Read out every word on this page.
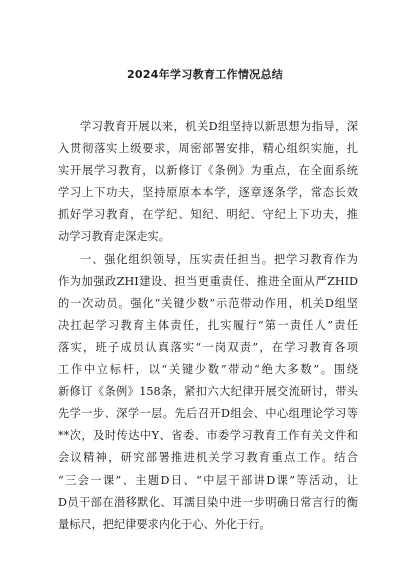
2024年学习教育工作情况总结
学习教育开展以来，机关D组坚持以新思想为指导，深
入贯彻落实上级要求，周密部署安排，精心组织实施，扎
实开展学习教育，以新修订《条例》为重点，在全面系统
学习上下功夫，坚持原原本本学，逐章逐条学，常态长效
抓好学习教育，在学纪、知纪、明纪、守纪上下功夫，推
动学习教育走深走实。
一、强化组织领导，压实责任担当。把学习教育作为
作为加强政ZHI建设、担当更重责任、推进全面从严ZHID
的一次动员。强化“关键少数”示范带动作用，机关D组坚
决扛起学习教育主体责任，扎实履行“第一责任人”责任
落实，班子成员认真落实“一岗双责”，在学习教育各项
工作中立标杆，以“关键少数”带动“绝大多数”。围绕
新修订《条例》158条，紧扣六大纪律开展交流研讨，带头
先学一步、深学一层。先后召开D组会、中心组理论学习等
**次，及时传达中Y、省委、市委学习教育工作有关文件和
会议精神，研究部署推进机关学习教育重点工作。结合
“三会一课”、主题D日、“中层干部讲D课”等活动，让
D员干部在潜移默化、耳濡目染中进一步明确日常言行的衡
量标尺，把纪律要求内化于心、外化于行。
